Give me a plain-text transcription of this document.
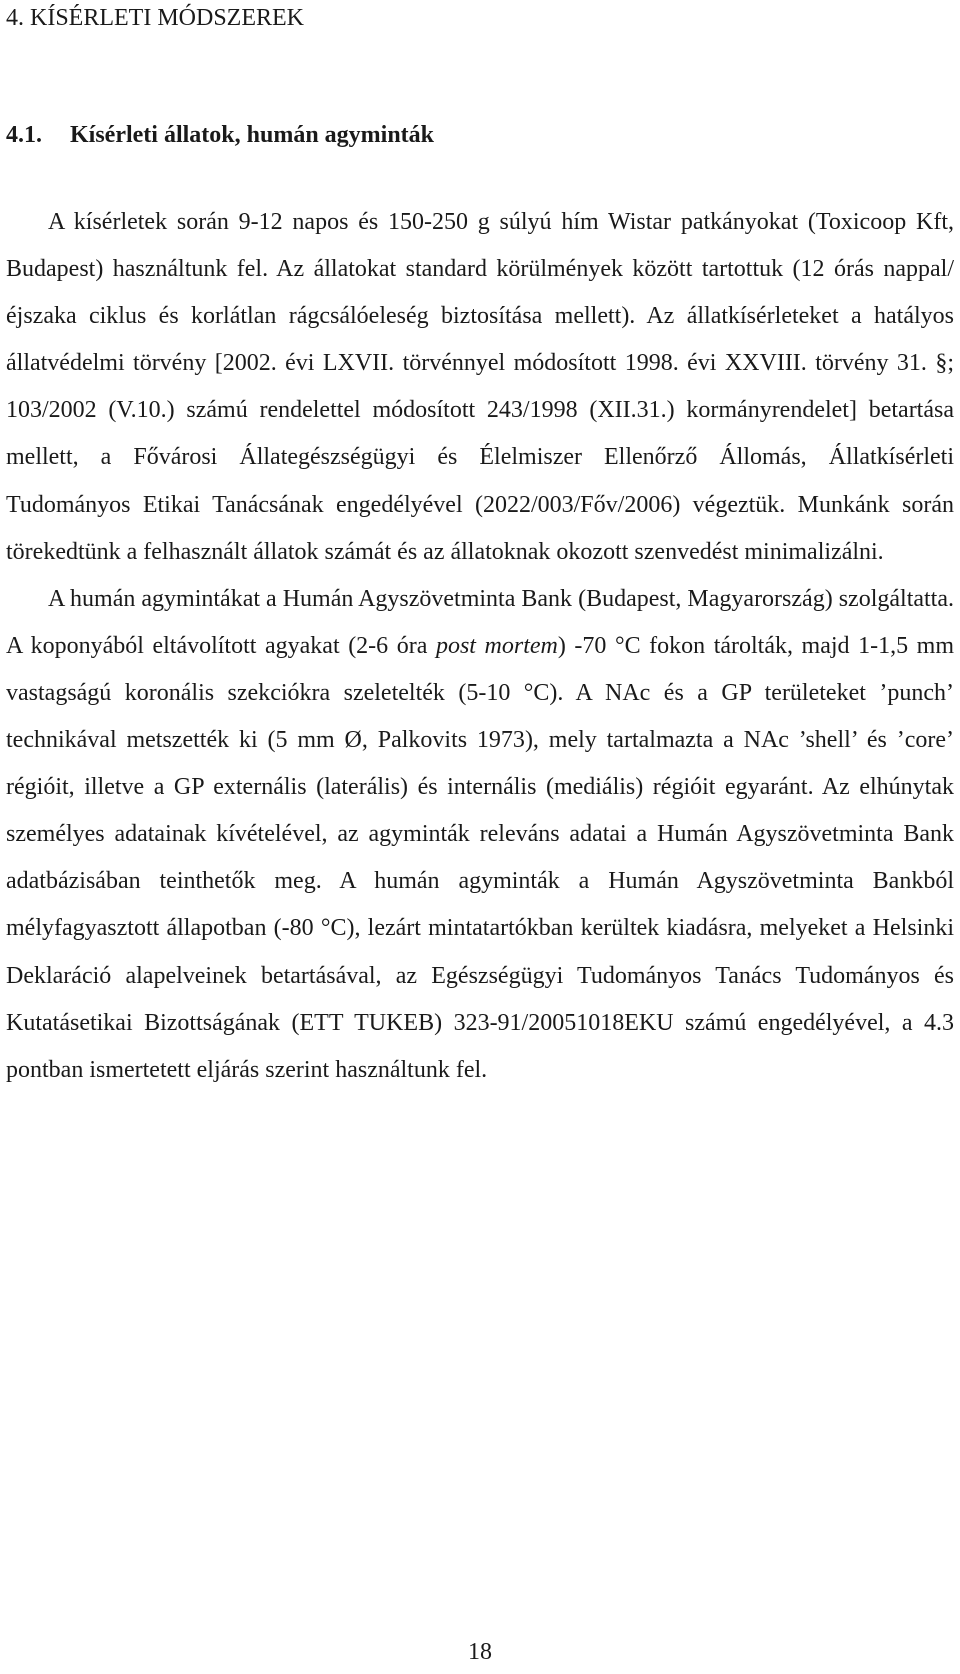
4. KÍSÉRLETI MÓDSZEREK
4.1. Kísérleti állatok, humán agyminták

A kísérletek során 9-12 napos és 150-250 g súlyú hím Wistar patkányokat (Toxicoop Kft, Budapest) használtunk fel. Az állatokat standard körülmények között tartottuk (12 órás nappal/éjszaka ciklus és korlátlan rágcsálóeleség biztosítása mellett). Az állatkísérleteket a hatályos állatvédelmi törvény [2002. évi LXVII. törvénnyel módosított 1998. évi XXVIII. törvény 31. §; 103/2002 (V.10.) számú rendelettel módosított 243/1998 (XII.31.) kormányrendelet] betartása mellett, a Fővárosi Állategészségügyi és Élelmiszer Ellenőrző Állomás, Állatkísérleti Tudományos Etikai Tanácsának engedélyével (2022/003/Főv/2006) végeztük. Munkánk során törekedtünk a felhasznált állatok számát és az állatoknak okozott szenvedést minimalizálni.

A humán agymintákat a Humán Agyszövetminta Bank (Budapest, Magyarország) szolgáltatta. A koponyából eltávolított agyakat (2-6 óra post mortem) -70 °C fokon tárolták, majd 1-1,5 mm vastagságú koronális szekciókra szeletelték (5-10 °C). A NAc és a GP területeket ’punch’ technikával metszették ki (5 mm Ø, Palkovits 1973), mely tartalmazta a NAc ’shell’ és ’core’ régióit, illetve a GP externális (laterális) és internális (mediális) régióit egyaránt. Az elhúnytak személyes adatainak kívételével, az agyminták releváns adatai a Humán Agyszövetminta Bank adatbázisában teinthetők meg. A humán agyminták a Humán Agyszövetminta Bankból mélyfagyasztott állapotban (-80 °C), lezárt mintatartókban kerültek kiadásra, melyeket a Helsinki Deklaráció alapelveinek betartásával, az Egészségügyi Tudományos Tanács Tudományos és Kutatásetikai Bizottságának (ETT TUKEB) 323-91/20051018EKU számú engedélyével, a 4.3 pontban ismertetett eljárás szerint használtunk fel.

18
